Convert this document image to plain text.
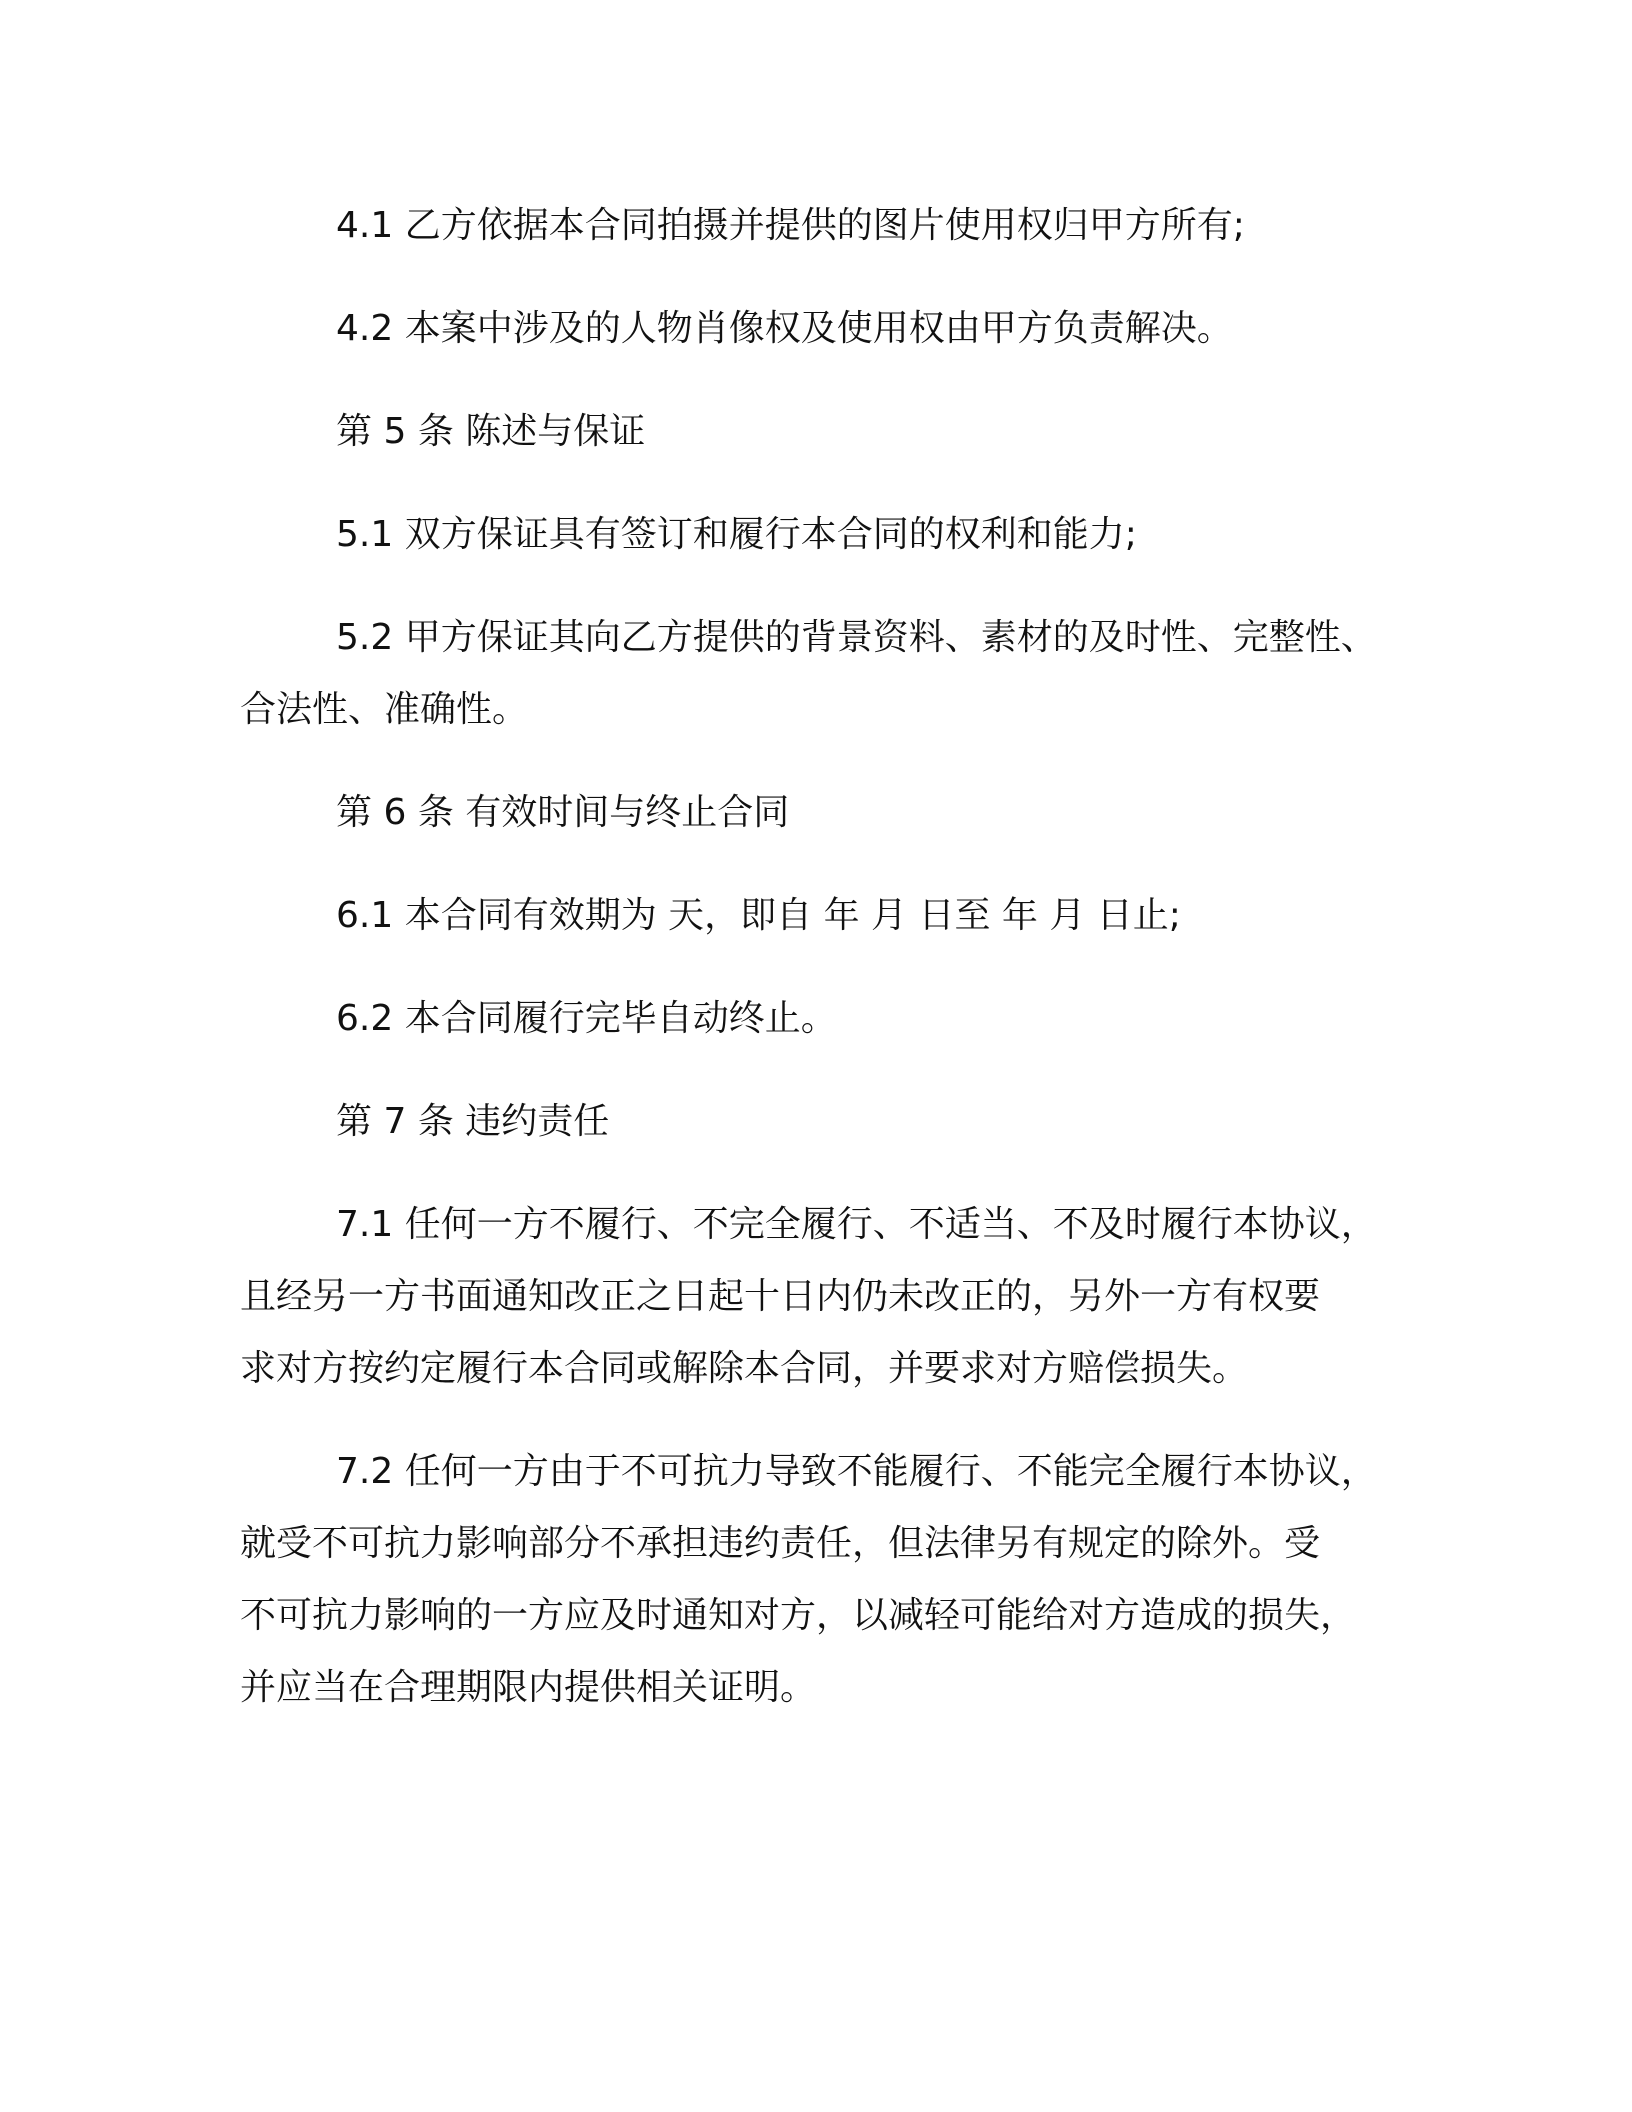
4.1 乙方依据本合同拍摄并提供的图片使用权归甲方所有;

4.2 本案中涉及的人物肖像权及使用权由甲方负责解决。

第 5 条 陈述与保证

5.1 双方保证具有签订和履行本合同的权利和能力;

5.2 甲方保证其向乙方提供的背景资料、素材的及时性、完整性、

合法性、准确性。

第 6 条 有效时间与终止合同

6.1 本合同有效期为 天，即自 年 月 日至 年 月 日止;

6.2 本合同履行完毕自动终止。

第 7 条 违约责任

7.1 任何一方不履行、不完全履行、不适当、不及时履行本协议，

且经另一方书面通知改正之日起十日内仍未改正的，另外一方有权要

求对方按约定履行本合同或解除本合同，并要求对方赔偿损失。

7.2 任何一方由于不可抗力导致不能履行、不能完全履行本协议，

就受不可抗力影响部分不承担违约责任，但法律另有规定的除外。受

不可抗力影响的一方应及时通知对方，以减轻可能给对方造成的损失，

并应当在合理期限内提供相关证明。
